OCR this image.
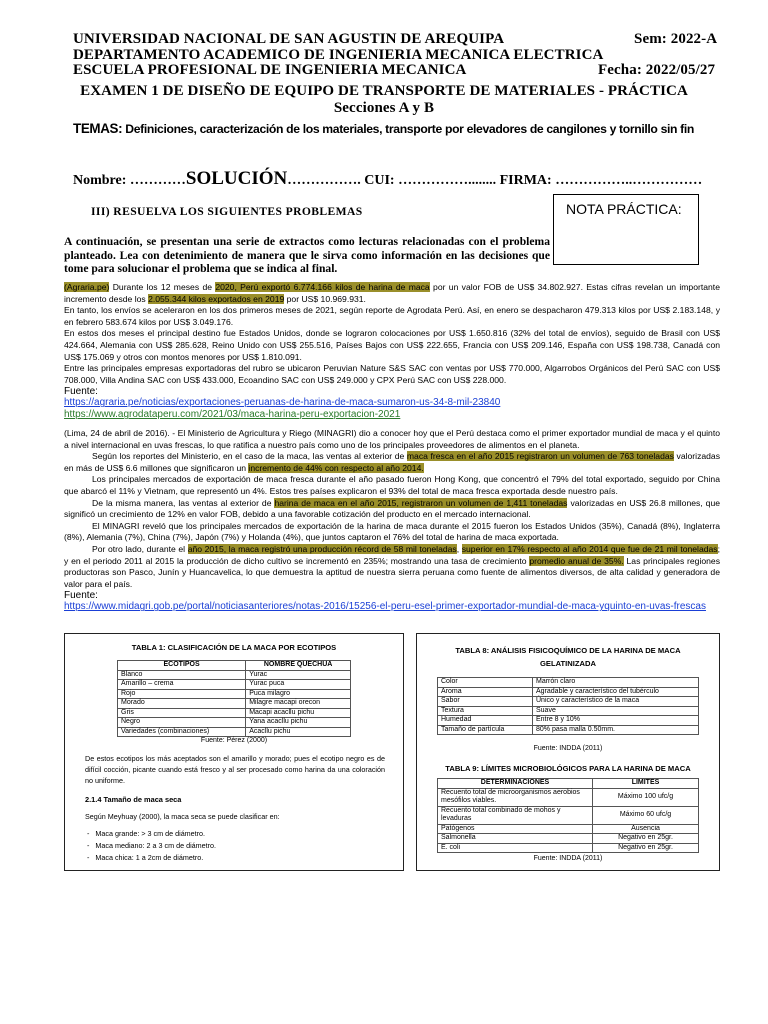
UNIVERSIDAD NACIONAL DE SAN AGUSTIN DE AREQUIPA	Sem: 2022-A
DEPARTAMENTO ACADEMICO DE INGENIERIA MECANICA ELECTRICA
ESCUELA PROFESIONAL DE INGENIERIA MECANICA	Fecha: 2022/05/27
EXAMEN 1 DE DISEÑO DE EQUIPO DE TRANSPORTE DE MATERIALES - PRÁCTICA
Secciones A y B
TEMAS: Definiciones, caracterización de los materiales, transporte por elevadores de cangilones y tornillo sin fin
Nombre: …………SOLUCIÓN……………. CUI: ……………........ FIRMA: ……………..……………
NOTA PRÁCTICA:
III) RESUELVA LOS SIGUIENTES PROBLEMAS
A continuación, se presentan una serie de extractos como lecturas relacionadas con el problema planteado. Lea con detenimiento de manera que le sirva como información en las decisiones que tome para solucionar el problema que se indica al final.

(Agraria.pe) Durante los 12 meses de 2020, Perú exportó 6.774.166 kilos de harina de maca por un valor FOB de US$ 34.802.927. Estas cifras revelan un importante incremento desde los 2.055.344 kilos exportados en 2019 por US$ 10.969.931.

En tanto, los envíos se aceleraron en los dos primeros meses de 2021, según reporte de Agrodata Perú. Así, en enero se despacharon 479.313 kilos por US$ 2.183.148, y en febrero 583.674 kilos por US$ 3.049.176.

En estos dos meses el principal destino fue Estados Unidos, donde se lograron colocaciones por US$ 1.650.816 (32% del total de envíos), seguido de Brasil con US$ 424.664, Alemania con US$ 285.628, Reino Unido con US$ 255.516, Países Bajos con US$ 222.655, Francia con US$ 209.146, España con US$ 198.738, Canadá con US$ 175.069 y otros con montos menores por US$ 1.810.091.

Entre las principales empresas exportadoras del rubro se ubicaron Peruvian Nature S&S SAC con ventas por US$ 770.000, Algarrobos Orgánicos del Perú SAC con US$ 708.000, Villa Andina SAC con US$ 433.000, Ecoandino SAC con US$ 249.000 y CPX Perú SAC con US$ 228.000.

Fuente:
https://agraria.pe/noticias/exportaciones-peruanas-de-harina-de-maca-sumaron-us-34-8-mil-23840
https://www.agrodataperu.com/2021/03/maca-harina-peru-exportacion-2021

(Lima, 24 de abril de 2016). - El Ministerio de Agricultura y Riego (MINAGRI) dio a conocer hoy que el Perú destaca como el primer exportador mundial de maca y el quinto a nivel internacional en uvas frescas, lo que ratifica a nuestro país como uno de los principales proveedores de alimentos en el planeta.

Según los reportes del Ministerio, en el caso de la maca, las ventas al exterior de maca fresca en el año 2015 registraron un volumen de 763 toneladas valorizadas en más de US$ 6.6 millones que significaron un incremento de 44% con respecto al año 2014.

Los principales mercados de exportación de maca fresca durante el año pasado fueron Hong Kong, que concentró el 79% del total exportado, seguido por China que abarcó el 11% y Vietnam, que representó un 4%. Estos tres países explicaron el 93% del total de maca fresca exportada desde nuestro país.

De la misma manera, las ventas al exterior de harina de maca en el año 2015, registraron un volumen de 1,411 toneladas valorizadas en US$ 26.8 millones, que significó un crecimiento de 12% en valor FOB, debido a una favorable cotización del producto en el mercado internacional.

El MINAGRI reveló que los principales mercados de exportación de la harina de maca durante el 2015 fueron los Estados Unidos (35%), Canadá (8%), Inglaterra (8%), Alemania (7%), China (7%), Japón (7%) y Holanda (4%), que juntos captaron el 76% del total de harina de maca exportada.

Por otro lado, durante el año 2015, la maca registró una producción récord de 58 mil toneladas, superior en 17% respecto al año 2014 que fue de 21 mil toneladas; y en el periodo 2011 al 2015 la producción de dicho cultivo se incrementó en 235%; mostrando una tasa de crecimiento promedio anual de 35%. Las principales regiones productoras son Pasco, Junín y Huancavelica, lo que demuestra la aptitud de nuestra sierra peruana como fuente de alimentos diversos, de alta calidad y generadora de valor para el país.

Fuente:
https://www.midagri.gob.pe/portal/noticiasanteriores/notas-2016/15256-el-peru-esel-primer-exportador-mundial-de-maca-yquinto-en-uvas-frescas
TABLA 1: CLASIFICACIÓN DE LA MACA POR ECOTIPOS
ECOTIPOS	NOMBRE QUECHUA
Blanco	Yurac
Amarillo – crema	Yurac puca
Rojo	Puca milagro
Morado	Milagre macapi orecon
Gris	Macapi acacllu pichu
Negro	Yana acacllu pichu
Variedades (combinaciones)	Acacllu pichu
Fuente: Pérez (2000)
De estos ecotipos los más aceptados son el amarillo y morado; pues el ecotipo negro es de difícil cocción, picante cuando está fresco y al ser procesado como harina da una coloración no uniforme.
2.1.4 Tamaño de maca seca
Según Meyhuay (2000), la maca seca se puede clasificar en:
-   Maca grande: > 3 cm de diámetro.
-   Maca mediano: 2 a 3 cm de diámetro.
-   Maca chica: 1 a 2cm de diámetro.
TABLA 8: ANÁLISIS FISICOQUÍMICO DE LA HARINA DE MACA
GELATINIZADA
Color	Marrón claro
Aroma	Agradable y característico del tubérculo
Sabor	Único y característico de la maca
Textura	Suave
Humedad	Entre 8 y 10%
Tamaño de partícula	80% pasa malla 0.50mm.
Fuente: INDDA (2011)
TABLA 9: LÍMITES MICROBIOLÓGICOS PARA LA HARINA DE MACA
DETERMINACIONES	LIMITES
Recuento total de microorganismos aerobios mesófilos viables.	Máximo 100 ufc/g
Recuento total combinado de mohos y levaduras	Máximo 60 ufc/g
Patógenos	Ausencia
Salmonella	Negativo en 25gr.
E. coli	Negativo en 25gr.
Fuente: INDDA (2011)
